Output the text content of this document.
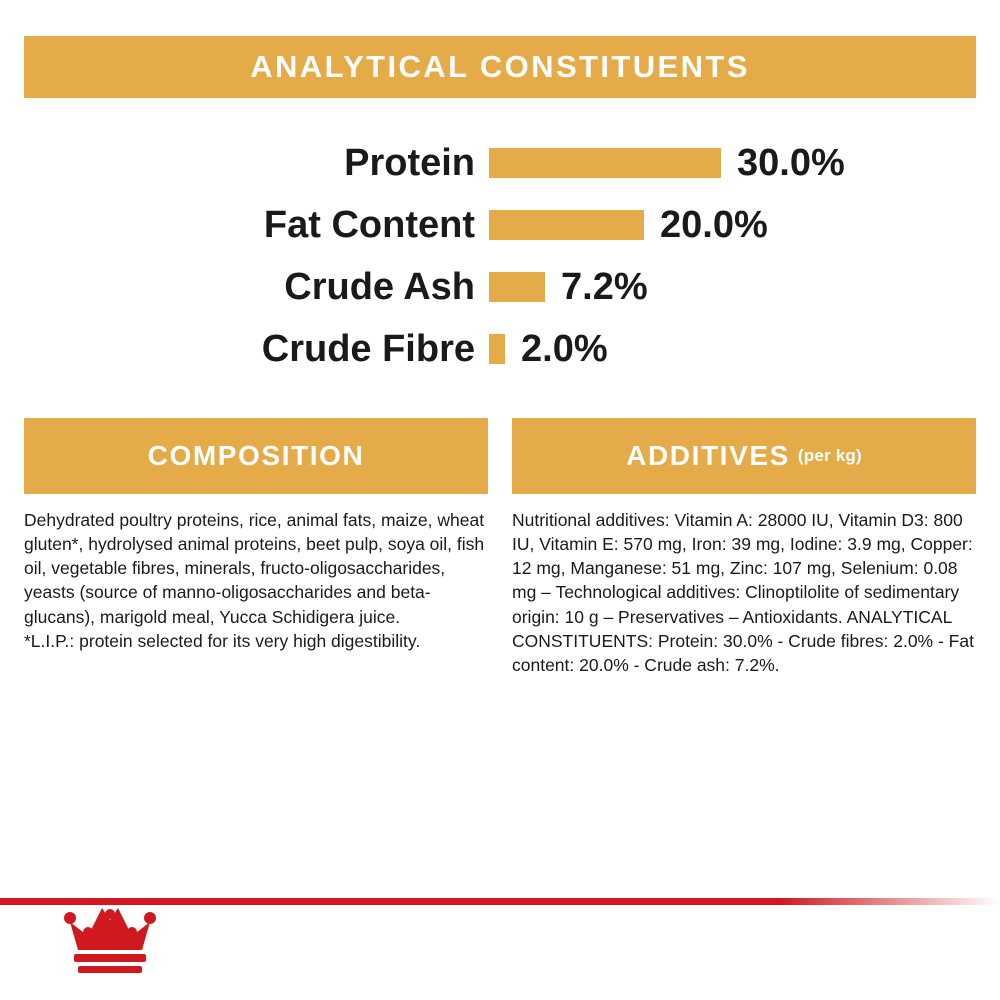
ANALYTICAL CONSTITUENTS
Protein	30.0%
Fat Content	20.0%
Crude Ash	7.2%
Crude Fibre	2.0%
COMPOSITION

Dehydrated poultry proteins, rice, animal fats, maize, wheat gluten*, hydrolysed animal proteins, beet pulp, soya oil, fish oil, vegetable fibres, minerals, fructo-oligosaccharides, yeasts (source of manno-oligosaccharides and beta-glucans), marigold meal, Yucca Schidigera juice.

*L.I.P.: protein selected for its very high digestibility.

ADDITIVES (per kg)

Nutritional additives: Vitamin A: 28000 IU, Vitamin D3: 800 IU, Vitamin E: 570 mg, Iron: 39 mg, Iodine: 3.9 mg, Copper: 12 mg, Manganese: 51 mg, Zinc: 107 mg, Selenium: 0.08 mg – Technological additives: Clinoptilolite of sedimentary origin: 10 g – Preservatives – Antioxidants. ANALYTICAL CONSTITUENTS: Protein: 30.0% - Crude fibres: 2.0% - Fat content: 20.0% - Crude ash: 7.2%.
